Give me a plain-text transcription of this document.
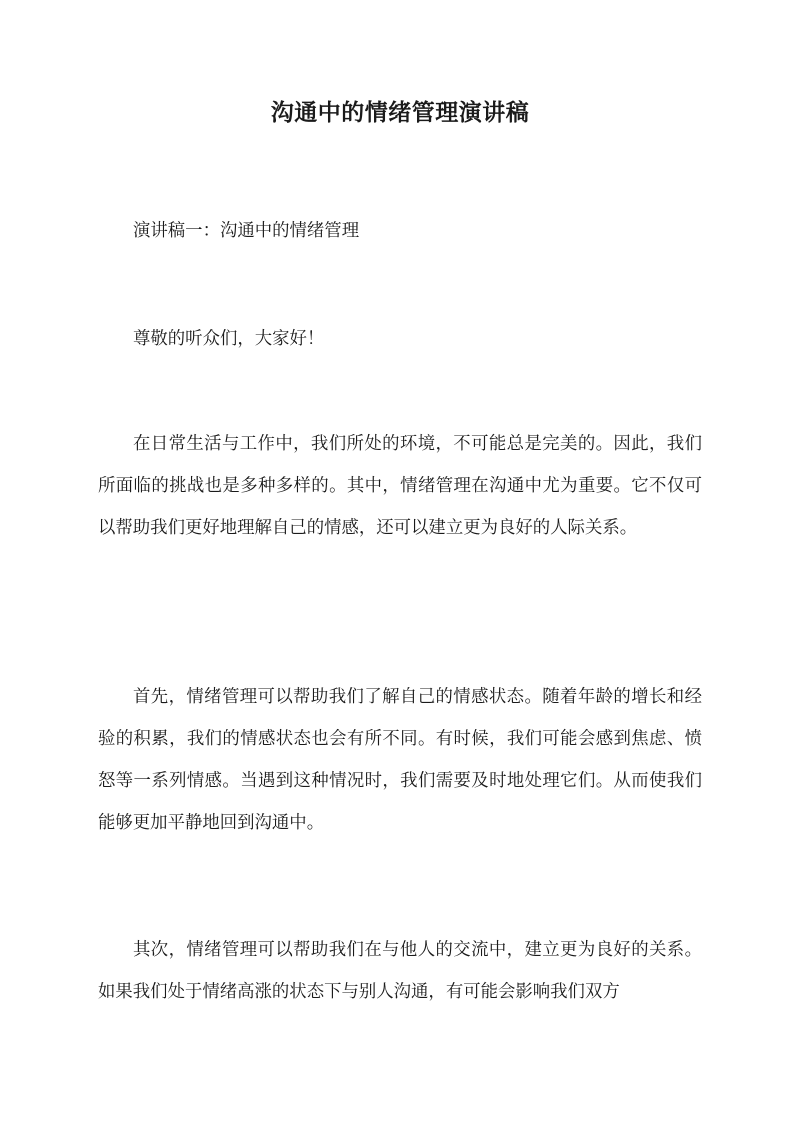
沟通中的情绪管理演讲稿

演讲稿一：沟通中的情绪管理

尊敬的听众们，大家好！

在日常生活与工作中，我们所处的环境，不可能总是完美的。因此，我们所面临的挑战也是多种多样的。其中，情绪管理在沟通中尤为重要。它不仅可以帮助我们更好地理解自己的情感，还可以建立更为良好的人际关系。

首先，情绪管理可以帮助我们了解自己的情感状态。随着年龄的增长和经验的积累，我们的情感状态也会有所不同。有时候，我们可能会感到焦虑、愤怒等一系列情感。当遇到这种情况时，我们需要及时地处理它们。从而使我们能够更加平静地回到沟通中。

其次，情绪管理可以帮助我们在与他人的交流中，建立更为良好的关系。如果我们处于情绪高涨的状态下与别人沟通，有可能会影响我们双方
